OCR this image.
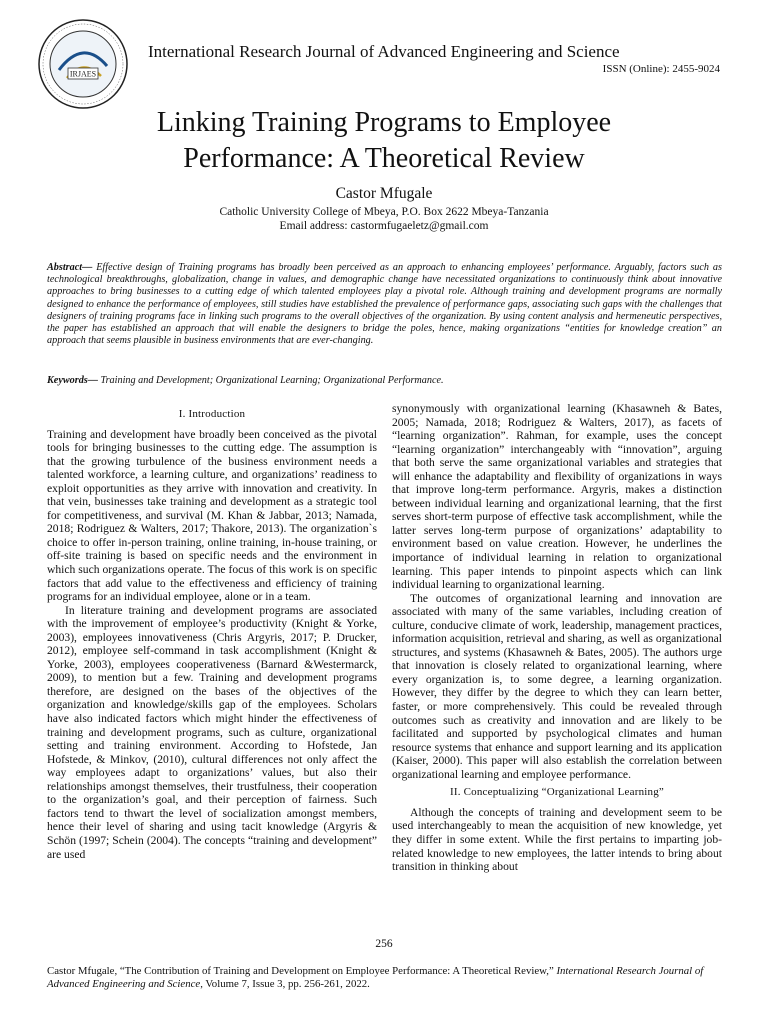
IRJAES
International Research Journal of Advanced Engineering and Science
ISSN (Online): 2455-9024
Linking Training Programs to Employee
Performance: A Theoretical Review
Castor Mfugale
Catholic University College of Mbeya, P.O. Box 2622 Mbeya-Tanzania
Email address: castormfugaeletz@gmail.com
Abstract— Effective design of Training programs has broadly been perceived as an approach to enhancing employees’ performance. Arguably, factors such as technological breakthroughs, globalization, change in values, and demographic change have necessitated organizations to continuously think about innovative approaches to bring businesses to a cutting edge of which talented employees play a pivotal role. Although training and development programs are normally designed to enhance the performance of employees, still studies have established the prevalence of performance gaps, associating such gaps with the challenges that designers of training programs face in linking such programs to the overall objectives of the organization. By using content analysis and hermeneutic perspectives, the paper has established an approach that will enable the designers to bridge the poles, hence, making organizations “entities for knowledge creation” an approach that seems plausible in business environments that are ever-changing.
Keywords— Training and Development; Organizational Learning; Organizational Performance.
I. Introduction

Training and development have broadly been conceived as the pivotal tools for bringing businesses to the cutting edge. The assumption is that the growing turbulence of the business environment needs a talented workforce, a learning culture, and organizations’ readiness to exploit opportunities as they arrive with innovation and creativity. In that vein, businesses take training and development as a strategic tool for competitiveness, and survival (M. Khan & Jabbar, 2013; Namada, 2018; Rodriguez & Walters, 2017; Thakore, 2013). The organization`s choice to offer in-person training, online training, in-house training, or off-site training is based on specific needs and the environment in which such organizations operate. The focus of this work is on specific factors that add value to the effectiveness and efficiency of training programs for an individual employee, alone or in a team.

In literature training and development programs are associated with the improvement of employee’s productivity (Knight & Yorke, 2003), employees innovativeness (Chris Argyris, 2017; P. Drucker, 2012), employee self-command in task accomplishment (Knight & Yorke, 2003), employees cooperativeness (Barnard &Westermarck, 2009), to mention but a few. Training and development programs therefore, are designed on the bases of the objectives of the organization and knowledge/skills gap of the employees. Scholars have also indicated factors which might hinder the effectiveness of training and development programs, such as culture, organizational setting and training environment. According to Hofstede, Jan Hofstede, & Minkov, (2010), cultural differences not only affect the way employees adapt to organizations’ values, but also their relationships amongst themselves, their trustfulness, their cooperation to the organization’s goal, and their perception of fairness. Such factors tend to thwart the level of socialization amongst members, hence their level of sharing and using tacit knowledge (Argyris & Schön (1997; Schein (2004). The concepts “training and development” are used

synonymously with organizational learning (Khasawneh & Bates, 2005; Namada, 2018; Rodriguez & Walters, 2017), as facets of “learning organization”. Rahman, for example, uses the concept “learning organization” interchangeably with “innovation”, arguing that both serve the same organizational variables and strategies that will enhance the adaptability and flexibility of organizations in ways that improve long-term performance. Argyris, makes a distinction between individual learning and organizational learning, that the first serves short-term purpose of effective task accomplishment, while the latter serves long-term purpose of organizations’ adaptability to environment based on value creation. However, he underlines the importance of individual learning in relation to organizational learning. This paper intends to pinpoint aspects which can link individual learning to organizational learning.

The outcomes of organizational learning and innovation are associated with many of the same variables, including creation of culture, conducive climate of work, leadership, management practices, information acquisition, retrieval and sharing, as well as organizational structures, and systems (Khasawneh & Bates, 2005). The authors urge that innovation is closely related to organizational learning, where every organization is, to some degree, a learning organization. However, they differ by the degree to which they can learn better, faster, or more comprehensively. This could be revealed through outcomes such as creativity and innovation and are likely to be facilitated and supported by psychological climates and human resource systems that enhance and support learning and its application (Kaiser, 2000). This paper will also establish the correlation between organizational learning and employee performance.

II. Conceptualizing “Organizational Learning”

Although the concepts of training and development seem to be used interchangeably to mean the acquisition of new knowledge, yet they differ in some extent. While the first pertains to imparting job-related knowledge to new employees, the latter intends to bring about transition in thinking about

256
Castor Mfugale, “The Contribution of Training and Development on Employee Performance: A Theoretical Review,” International Research Journal of Advanced Engineering and Science, Volume 7, Issue 3, pp. 256-261, 2022.
